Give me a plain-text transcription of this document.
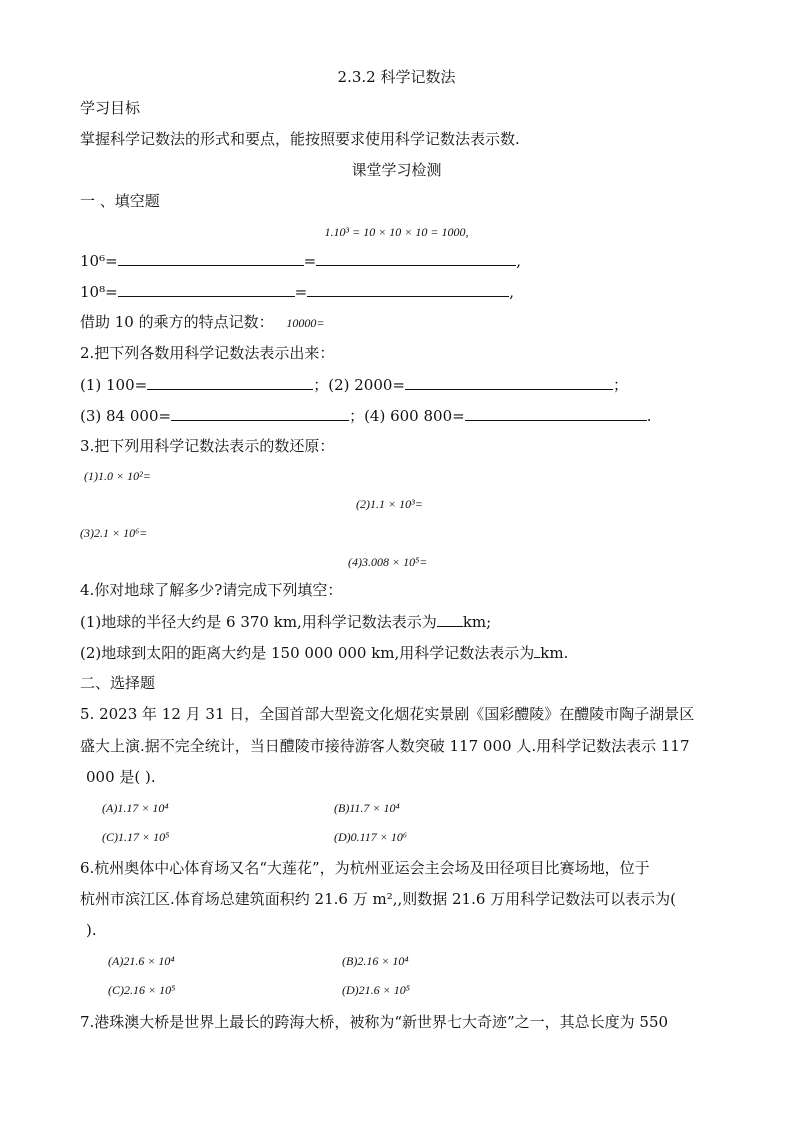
2.3.2 科学记数法
学习目标
掌握科学记数法的形式和要点，能按照要求使用科学记数法表示数.
课堂学习检测
一 、填空题
1.10³ = 10 × 10 × 10 = 1000,
10⁶=	=	,
10⁸=	=	,
借助 10 的乘方的特点记数： 10000=
2.把下列各数用科学记数法表示出来：
(1) 100=	；(2) 2000=	；
(3) 84 000=	；(4) 600 800=	.
3.把下列用科学记数法表示的数还原：
(1)1.0 × 10²=
(2)1.1 × 10³=
(3)2.1 × 10⁶=
(4)3.008 × 10⁵=
4.你对地球了解多少?请完成下列填空：
(1)地球的半径大约是 6 370 km,用科学记数法表示为 km;
(2)地球到太阳的距离大约是 150 000 000 km,用科学记数法表示为 km.
二、选择题
5. 2023 年 12 月 31 日，全国首部大型瓷文化烟花实景剧《国彩醴陵》在醴陵市陶子湖景区
盛大上演.据不完全统计，当日醴陵市接待游客人数突破 117 000 人.用科学记数法表示 117
000 是( ).
(A)1.17 × 10⁴	(B)11.7 × 10⁴
(C)1.17 × 10⁵	(D)0.117 × 10⁶
6.杭州奥体中心体育场又名“大莲花”，为杭州亚运会主会场及田径项目比赛场地，位于
杭州市滨江区.体育场总建筑面积约 21.6 万 m²,,则数据 21.6 万用科学记数法可以表示为(
).
(A)21.6 × 10⁴	(B)2.16 × 10⁴
(C)2.16 × 10⁵	(D)21.6 × 10⁵
7.港珠澳大桥是世界上最长的跨海大桥，被称为“新世界七大奇迹”之一，其总长度为 550
